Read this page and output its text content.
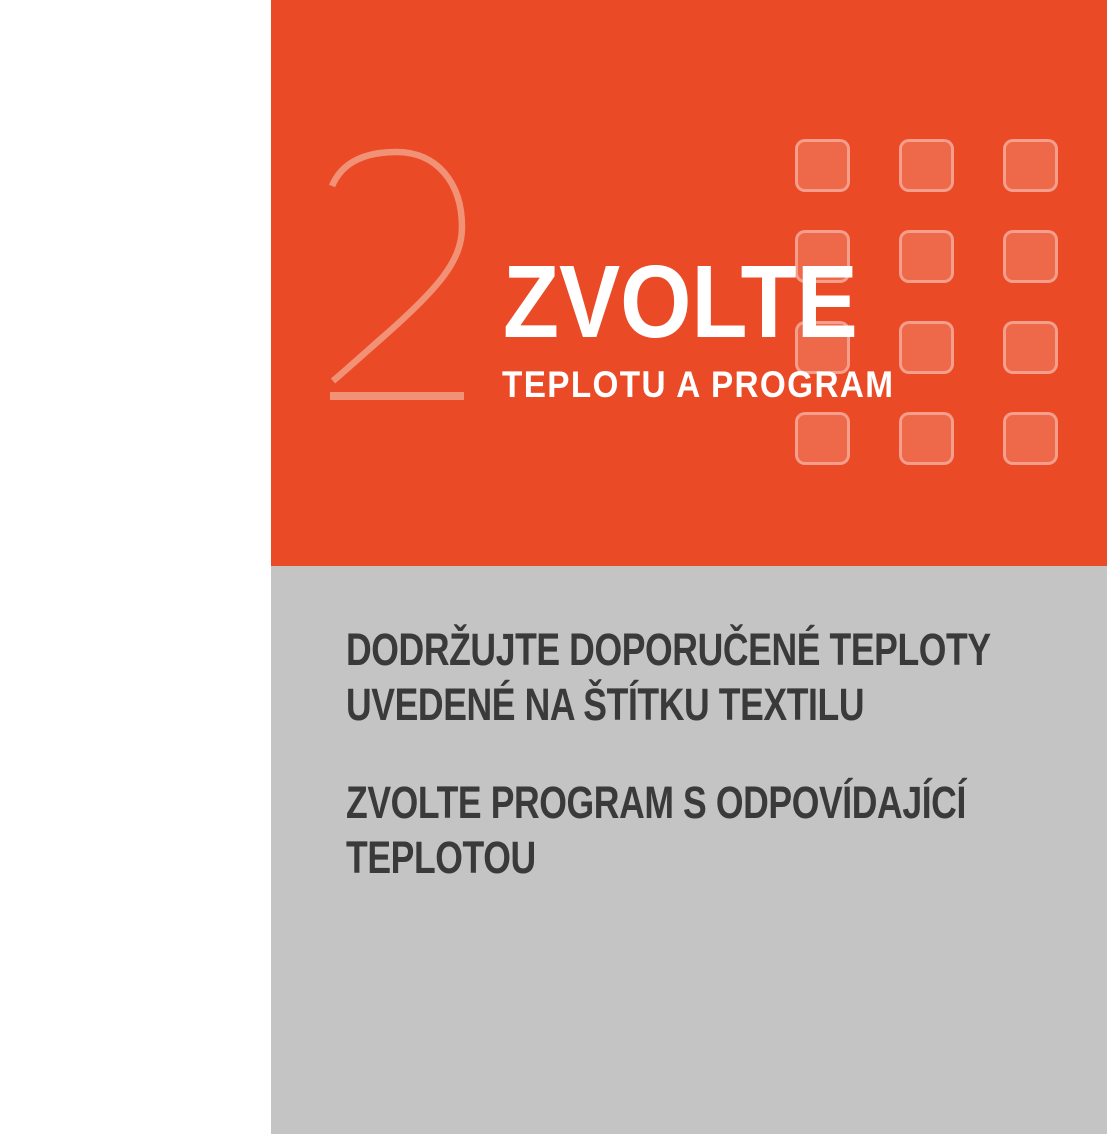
ZVOLTE
TEPLOTU A PROGRAM

DODRŽUJTE DOPORUČENÉ TEPLOTY UVEDENÉ NA ŠTÍTKU TEXTILU

ZVOLTE PROGRAM S ODPOVÍDAJÍCÍ TEPLOTOU
